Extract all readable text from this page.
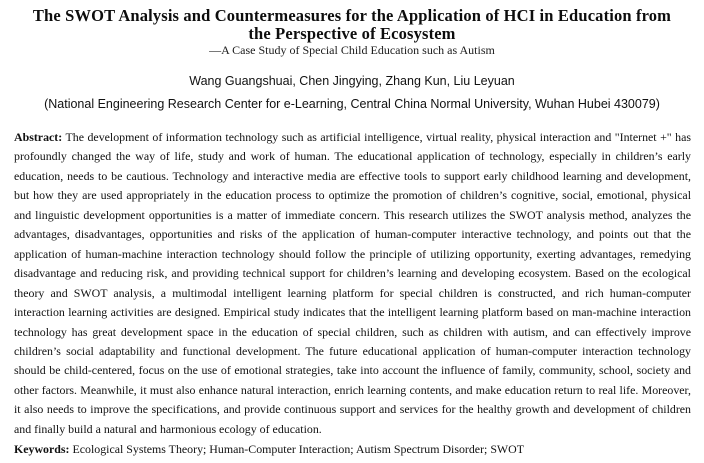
The SWOT Analysis and Countermeasures for the Application of HCI in Education from
the Perspective of Ecosystem
—A Case Study of Special Child Education such as Autism
Wang Guangshuai, Chen Jingying, Zhang Kun, Liu Leyuan
(National Engineering Research Center for e-Learning, Central China Normal University, Wuhan Hubei 430079)

Abstract: The development of information technology such as artificial intelligence, virtual reality, physical interaction and "Internet +" has profoundly changed the way of life, study and work of human. The educational application of technology, especially in children’s early education, needs to be cautious. Technology and interactive media are effective tools to support early childhood learning and development, but how they are used appropriately in the education process to optimize the promotion of children’s cognitive, social, emotional, physical and linguistic development opportunities is a matter of immediate concern. This research utilizes the SWOT analysis method, analyzes the advantages, disadvantages, opportunities and risks of the application of human-computer interactive technology, and points out that the application of human-machine interaction technology should follow the principle of utilizing opportunity, exerting advantages, remedying disadvantage and reducing risk, and providing technical support for children’s learning and developing ecosystem. Based on the ecological theory and SWOT analysis, a multimodal intelligent learning platform for special children is constructed, and rich human-computer interaction learning activities are designed. Empirical study indicates that the intelligent learning platform based on man-machine interaction technology has great development space in the education of special children, such as children with autism, and can effectively improve children’s social adaptability and functional development. The future educational application of human-computer interaction technology should be child-centered, focus on the use of emotional strategies, take into account the influence of family, community, school, society and other factors. Meanwhile, it must also enhance natural interaction, enrich learning contents, and make education return to real life. Moreover, it also needs to improve the specifications, and provide continuous support and services for the healthy growth and development of children and finally build a natural and harmonious ecology of education.

Keywords: Ecological Systems Theory; Human-Computer Interaction; Autism Spectrum Disorder; SWOT
